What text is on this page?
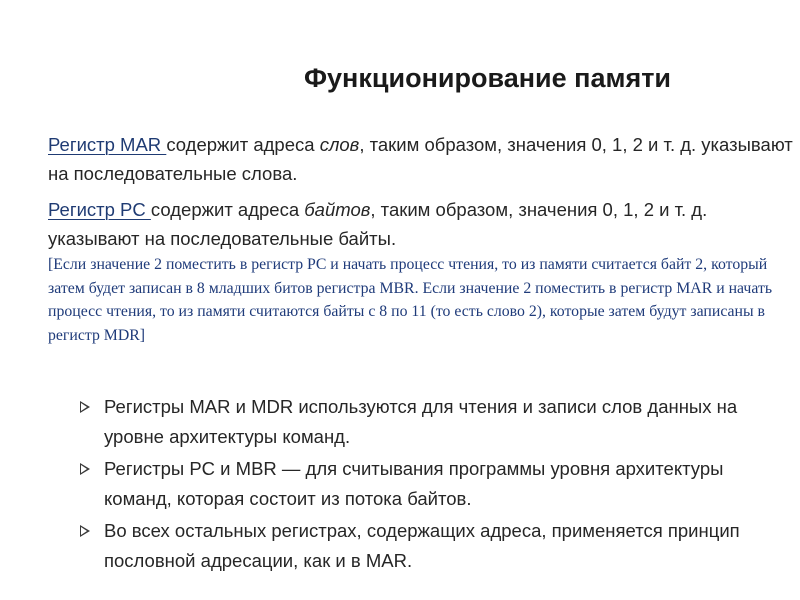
Функционирование памяти
Регистр MAR содержит адреса слов, таким образом, значения 0, 1, 2 и т. д. указывают на последовательные слова.
Регистр PC содержит адреса байтов, таким образом, значения 0, 1, 2 и т. д. указывают на последовательные байты.
[Если значение 2 поместить в регистр PC и начать процесс чтения, то из памяти считается байт 2, который затем будет записан в 8 младших битов регистра MBR. Если значение 2 поместить в регистр MAR и начать процесс чтения, то из памяти считаются байты с 8 по 11 (то есть слово 2), которые затем будут записаны в регистр MDR]
Регистры MAR и MDR используются для чтения и записи слов данных на уровне архитектуры команд.
Регистры PC и MBR — для считывания программы уровня архитектуры команд, которая состоит из потока байтов.
Во всех остальных регистрах, содержащих адреса, применяется принцип пословной адресации, как и в MAR.
